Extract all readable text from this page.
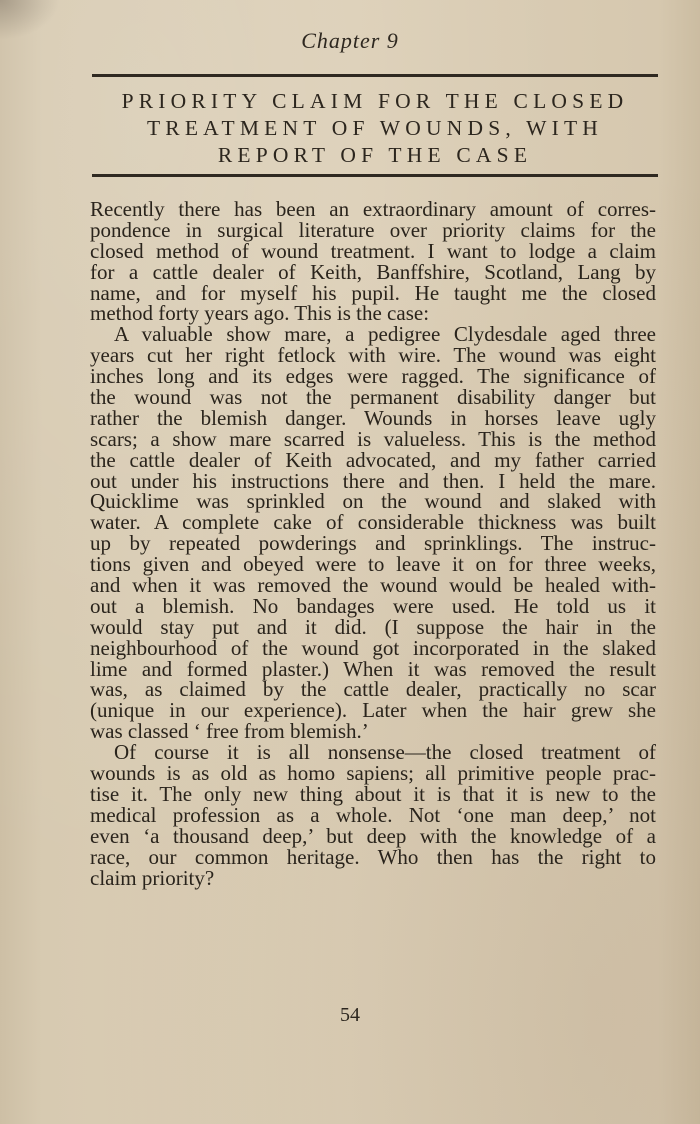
Chapter 9
PRIORITY CLAIM FOR THE CLOSED
TREATMENT OF WOUNDS, WITH
REPORT OF THE CASE
Recently there has been an extraordinary amount of corres-
pondence in surgical literature over priority claims for the
closed method of wound treatment. I want to lodge a claim
for a cattle dealer of Keith, Banffshire, Scotland, Lang by
name, and for myself his pupil. He taught me the closed
method forty years ago. This is the case:
A valuable show mare, a pedigree Clydesdale aged three
years cut her right fetlock with wire. The wound was eight
inches long and its edges were ragged. The significance of
the wound was not the permanent disability danger but
rather the blemish danger. Wounds in horses leave ugly
scars; a show mare scarred is valueless. This is the method
the cattle dealer of Keith advocated, and my father carried
out under his instructions there and then. I held the mare.
Quicklime was sprinkled on the wound and slaked with
water. A complete cake of considerable thickness was built
up by repeated powderings and sprinklings. The instruc-
tions given and obeyed were to leave it on for three weeks,
and when it was removed the wound would be healed with-
out a blemish. No bandages were used. He told us it
would stay put and it did. (I suppose the hair in the
neighbourhood of the wound got incorporated in the slaked
lime and formed plaster.) When it was removed the result
was, as claimed by the cattle dealer, practically no scar
(unique in our experience). Later when the hair grew she
was classed ‘ free from blemish.’
Of course it is all nonsense—the closed treatment of
wounds is as old as homo sapiens; all primitive people prac-
tise it. The only new thing about it is that it is new to the
medical profession as a whole. Not ‘one man deep,’ not
even ‘a thousand deep,’ but deep with the knowledge of a
race, our common heritage. Who then has the right to
claim priority?
54
